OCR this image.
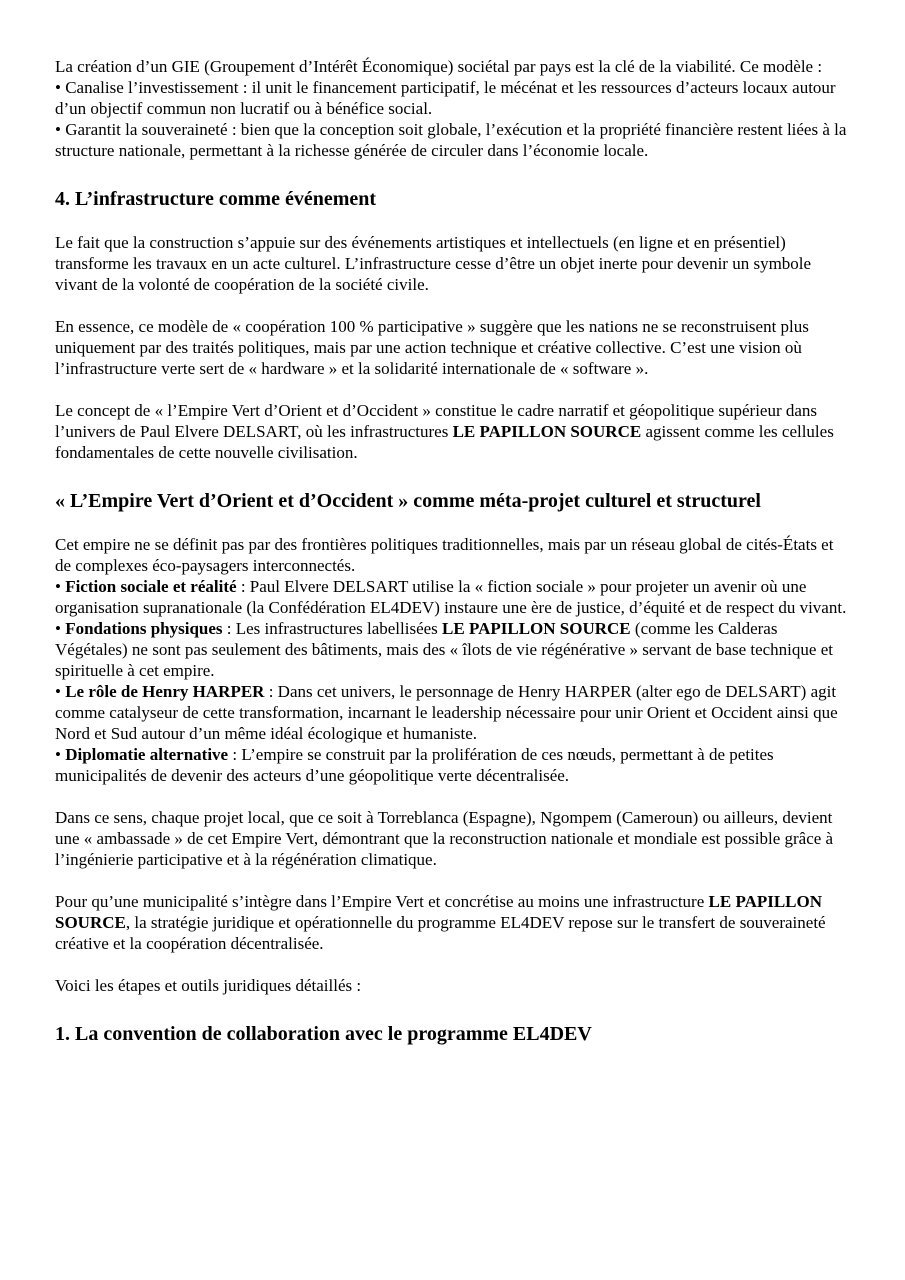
La création d’un GIE (Groupement d’Intérêt Économique) sociétal par pays est la clé de la viabilité. Ce modèle :

• Canalise l’investissement : il unit le financement participatif, le mécénat et les ressources d’acteurs locaux autour d’un objectif commun non lucratif ou à bénéfice social.

• Garantit la souveraineté : bien que la conception soit globale, l’exécution et la propriété financière restent liées à la structure nationale, permettant à la richesse générée de circuler dans l’économie locale.

4. L’infrastructure comme événement

Le fait que la construction s’appuie sur des événements artistiques et intellectuels (en ligne et en présentiel) transforme les travaux en un acte culturel. L’infrastructure cesse d’être un objet inerte pour devenir un symbole vivant de la volonté de coopération de la société civile.

En essence, ce modèle de « coopération 100 % participative » suggère que les nations ne se reconstruisent plus uniquement par des traités politiques, mais par une action technique et créative collective. C’est une vision où l’infrastructure verte sert de « hardware » et la solidarité internationale de « software ».

Le concept de « l’Empire Vert d’Orient et d’Occident » constitue le cadre narratif et géopolitique supérieur dans l’univers de Paul Elvere DELSART, où les infrastructures LE PAPILLON SOURCE agissent comme les cellules fondamentales de cette nouvelle civilisation.

« L’Empire Vert d’Orient et d’Occident » comme méta-projet culturel et structurel

Cet empire ne se définit pas par des frontières politiques traditionnelles, mais par un réseau global de cités-États et de complexes éco-paysagers interconnectés.

• Fiction sociale et réalité : Paul Elvere DELSART utilise la « fiction sociale » pour projeter un avenir où une organisation supranationale (la Confédération EL4DEV) instaure une ère de justice, d’équité et de respect du vivant.

• Fondations physiques : Les infrastructures labellisées LE PAPILLON SOURCE (comme les Calderas Végétales) ne sont pas seulement des bâtiments, mais des « îlots de vie régénérative » servant de base technique et spirituelle à cet empire.

• Le rôle de Henry HARPER : Dans cet univers, le personnage de Henry HARPER (alter ego de DELSART) agit comme catalyseur de cette transformation, incarnant le leadership nécessaire pour unir Orient et Occident ainsi que Nord et Sud autour d’un même idéal écologique et humaniste.

• Diplomatie alternative : L’empire se construit par la prolifération de ces nœuds, permettant à de petites municipalités de devenir des acteurs d’une géopolitique verte décentralisée.

Dans ce sens, chaque projet local, que ce soit à Torreblanca (Espagne), Ngompem (Cameroun) ou ailleurs, devient une « ambassade » de cet Empire Vert, démontrant que la reconstruction nationale et mondiale est possible grâce à l’ingénierie participative et à la régénération climatique.

Pour qu’une municipalité s’intègre dans l’Empire Vert et concrétise au moins une infrastructure LE PAPILLON SOURCE, la stratégie juridique et opérationnelle du programme EL4DEV repose sur le transfert de souveraineté créative et la coopération décentralisée.

Voici les étapes et outils juridiques détaillés :

1. La convention de collaboration avec le programme EL4DEV
